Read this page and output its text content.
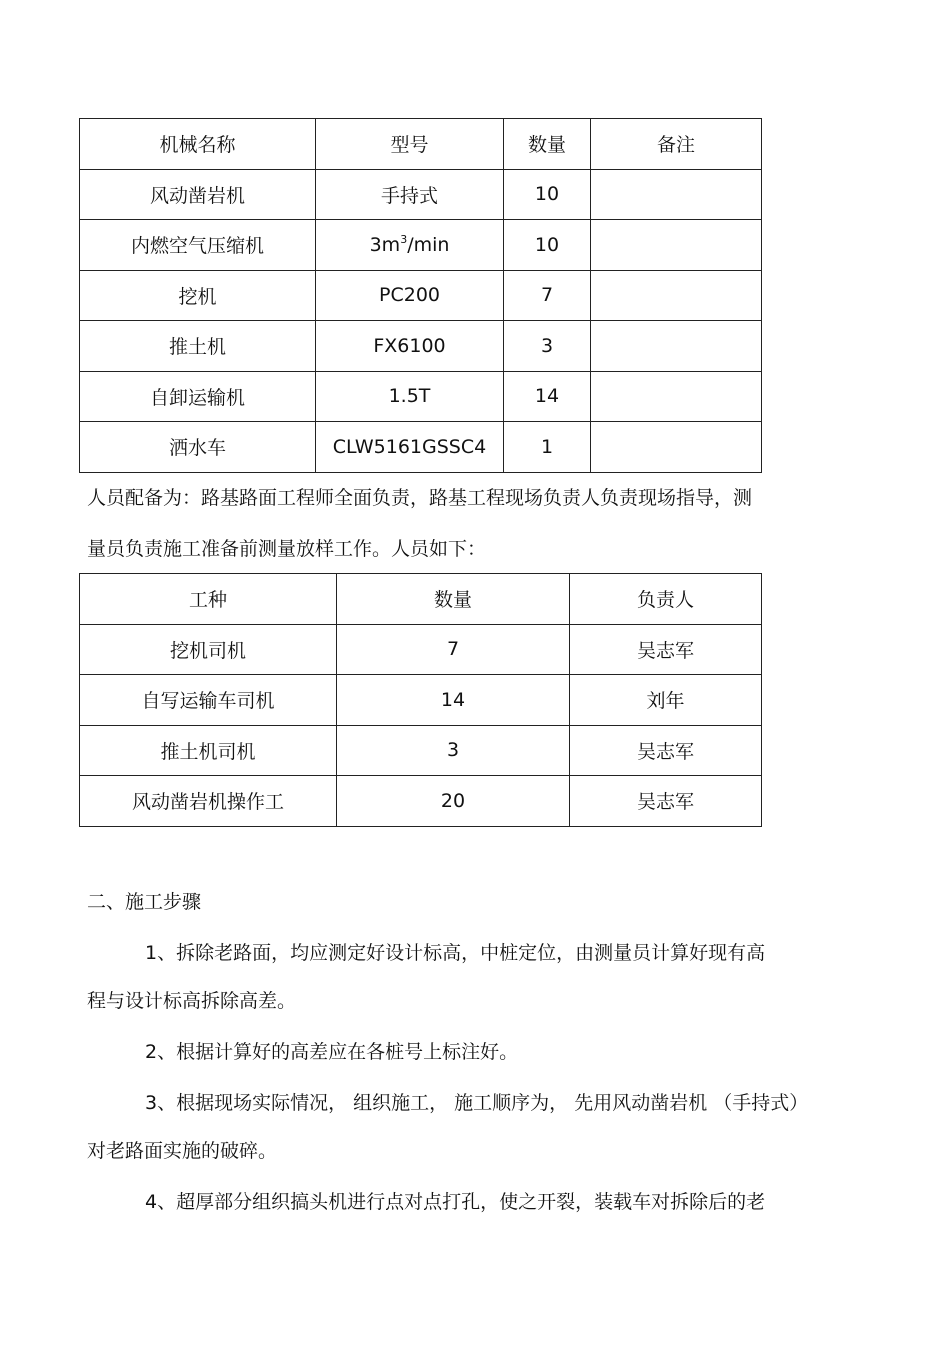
机械名称	型号	数量	备注
风动凿岩机	手持式	10	
内燃空气压缩机	$3m^3/\min$	10	
挖机	PC200	7	
推土机	FX6100	3	
自卸运输机	1.5T	14	
洒水车	CLW5161GSSC4	1	

人员配备为：路基路面工程师全面负责，路基工程现场负责人负责现场指导，测

量员负责施工准备前测量放样工作。人员如下：

工种	数量	负责人
挖机司机	7	吴志军
自写运输车司机	14	刘年
推土机司机	3	吴志军
风动凿岩机操作工	20	吴志军

二、施工步骤

1、拆除老路面，均应测定好设计标高，中桩定位，由测量员计算好现有高

程与设计标高拆除高差。

2、根据计算好的高差应在各桩号上标注好。

3、根据现场实际情况， 组织施工， 施工顺序为， 先用风动凿岩机 （手持式）

对老路面实施的破碎。

4、超厚部分组织搞头机进行点对点打孔，使之开裂，装载车对拆除后的老
